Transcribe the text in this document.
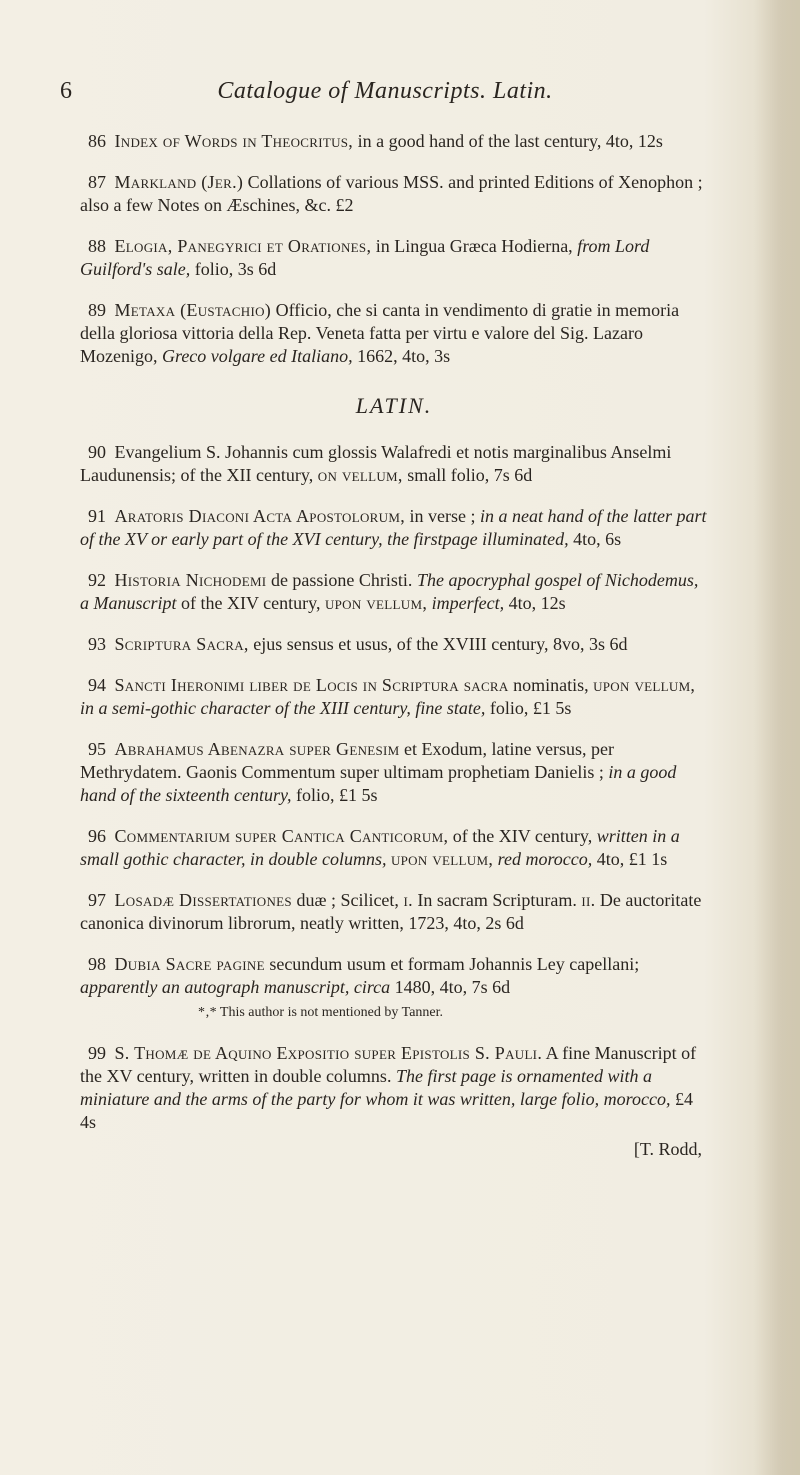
6	Catalogue of Manuscripts. Latin.

86 Index of Words in Theocritus, in a good hand of the last century, 4to, 12s

87 Markland (Jer.) Collations of various MSS. and printed Editions of Xenophon ; also a few Notes on Æschines, &c. £2

88 Elogia, Panegyrici et Orationes, in Lingua Græca Hodierna, from Lord Guilford's sale, folio, 3s 6d

89 Metaxa (Eustachio) Officio, che si canta in vendimento di gratie in memoria della gloriosa vittoria della Rep. Veneta fatta per virtu e valore del Sig. Lazaro Mozenigo, Greco volgare ed Italiano, 1662, 4to, 3s

LATIN.

90 Evangelium S. Johannis cum glossis Walafredi et notis marginalibus Anselmi Laudunensis; of the XII century, on vellum, small folio, 7s 6d

91 Aratoris Diaconi Acta Apostolorum, in verse ; in a neat hand of the latter part of the XV or early part of the XVI century, the firstpage illuminated, 4to, 6s

92 Historia Nichodemi de passione Christi. The apocryphal gospel of Nichodemus, a Manuscript of the XIV century, upon vellum, imperfect, 4to, 12s

93 Scriptura Sacra, ejus sensus et usus, of the XVIII century, 8vo, 3s 6d

94 Sancti Iheronimi liber de Locis in Scriptura sacra nominatis, upon vellum, in a semi-gothic character of the XIII century, fine state, folio, £1 5s

95 Abrahamus Abenazra super Genesim et Exodum, latine versus, per Methrydatem. Gaonis Commentum super ultimam prophetiam Danielis ; in a good hand of the sixteenth century, folio, £1 5s

96 Commentarium super Cantica Canticorum, of the XIV century, written in a small gothic character, in double columns, upon vellum, red morocco, 4to, £1 1s

97 Losadæ Dissertationes duæ ; Scilicet, i. In sacram Scripturam. ii. De auctoritate canonica divinorum librorum, neatly written, 1723, 4to, 2s 6d

98 Dubia Sacre pagine secundum usum et formam Johannis Ley capellani; apparently an autograph manuscript, circa 1480, 4to, 7s 6d

*‚* This author is not mentioned by Tanner.

99 S. Thomæ de Aquino Expositio super Epistolis S. Pauli. A fine Manuscript of the XV century, written in double columns. The first page is ornamented with a miniature and the arms of the party for whom it was written, large folio, morocco, £4 4s

[T. Rodd,
